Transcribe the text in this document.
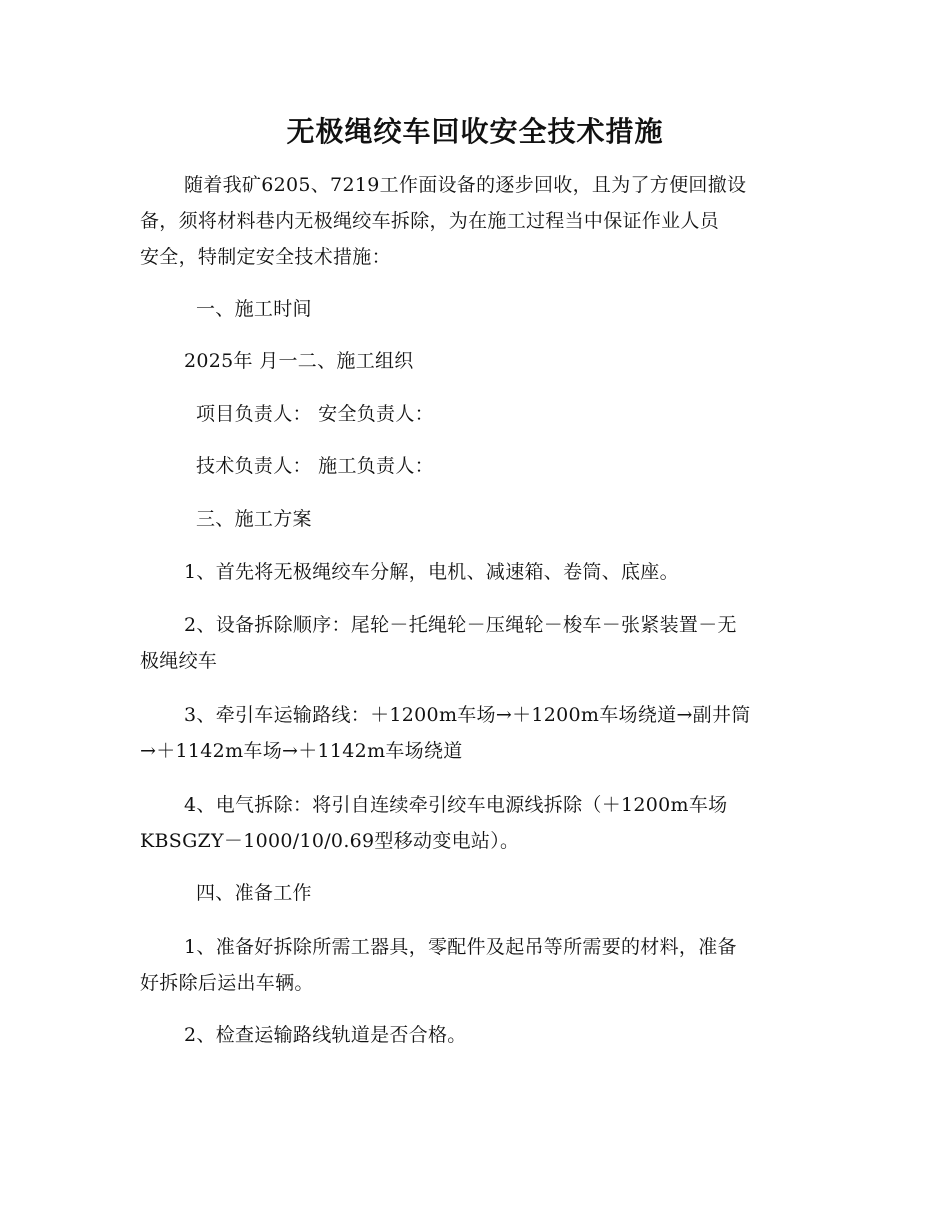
无极绳绞车回收安全技术措施
随着我矿6205、7219工作面设备的逐步回收，且为了方便回撤设
备，须将材料巷内无极绳绞车拆除，为在施工过程当中保证作业人员
安全，特制定安全技术措施：
一、施工时间
2025年 月一二、施工组织
项目负责人： 安全负责人：
技术负责人： 施工负责人：
三、施工方案
1、首先将无极绳绞车分解，电机、减速箱、卷筒、底座。
2、设备拆除顺序：尾轮－托绳轮－压绳轮－梭车－张紧装置－无
极绳绞车
3、牵引车运输路线：＋1200m车场→＋1200m车场绕道→副井筒
→＋1142m车场→＋1142m车场绕道
4、电气拆除：将引自连续牵引绞车电源线拆除（＋1200m车场
KBSGZY－1000/10/0.69型移动变电站）。
四、准备工作
1、准备好拆除所需工器具，零配件及起吊等所需要的材料，准备
好拆除后运出车辆。
2、检查运输路线轨道是否合格。
